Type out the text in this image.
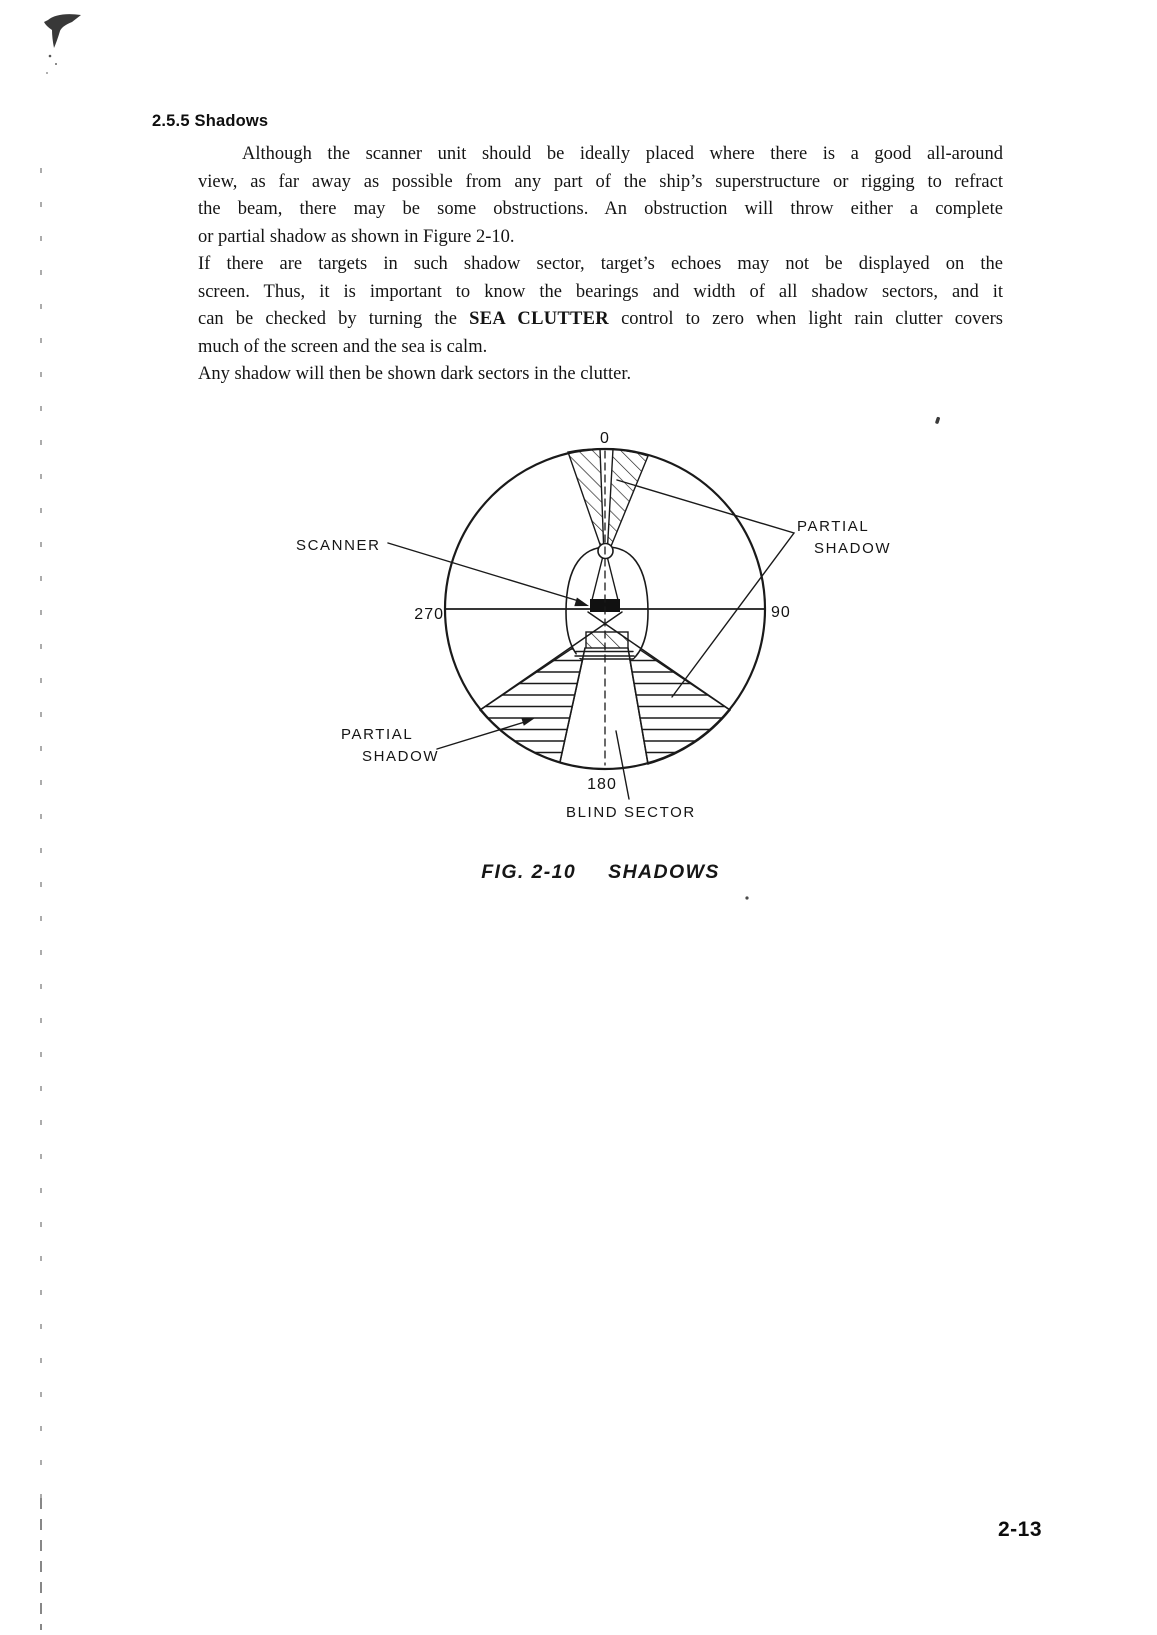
2.5.5 Shadows
Although the scanner unit should be ideally placed where there is a good all-around
view, as far away as possible from any part of the ship’s superstructure or rigging to refract
the beam, there may be some obstructions. An obstruction will throw either a complete
or partial shadow as shown in Figure 2-10.
If there are targets in such shadow sector, target’s echoes may not be displayed on the
screen. Thus, it is important to know the bearings and width of all shadow sectors, and it
can be checked by turning the SEA CLUTTER control to zero when light rain clutter covers
much of the screen and the sea is calm.
Any shadow will then be shown dark sectors in the clutter.
0
90
180
270
SCANNER
PARTIAL
SHADOW
PARTIAL
SHADOW
BLIND SECTOR
FIG. 2-10 SHADOWS
2-13
